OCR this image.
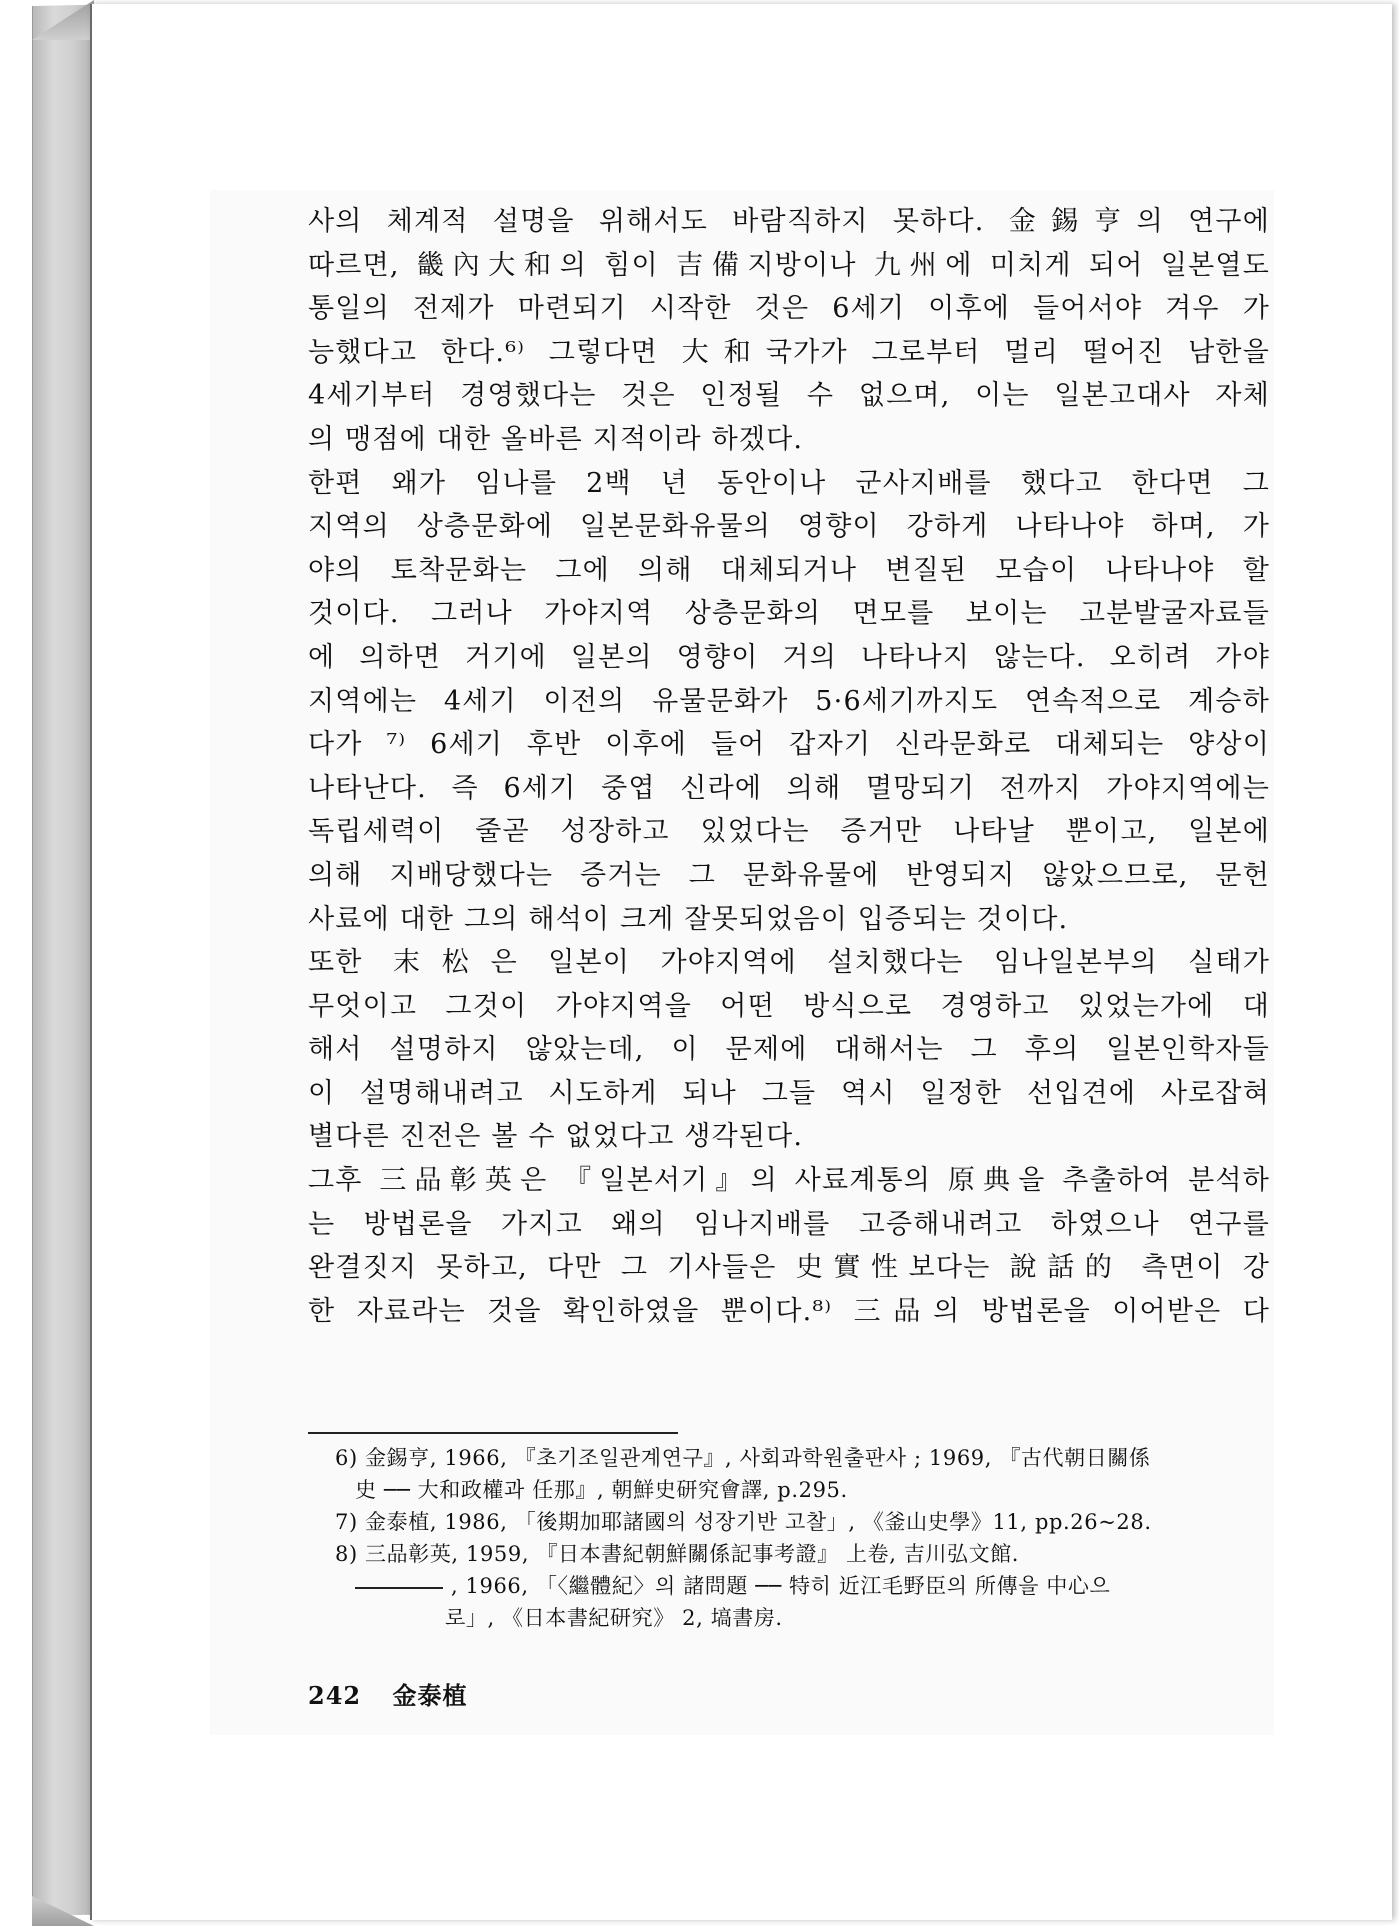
사의 체계적 설명을 위해서도 바람직하지 못하다. 金錫亨의 연구에
따르면, 畿內大和의 힘이 吉備지방이나 九州에 미치게 되어 일본열도
통일의 전제가 마련되기 시작한 것은 6세기 이후에 들어서야 겨우 가
능했다고 한다.⁶⁾ 그렇다면 大和국가가 그로부터 멀리 떨어진 남한을
4세기부터 경영했다는 것은 인정될 수 없으며, 이는 일본고대사 자체
의 맹점에 대한 올바른 지적이라 하겠다.
한편 왜가 임나를 2백 년 동안이나 군사지배를 했다고 한다면 그
지역의 상층문화에 일본문화유물의 영향이 강하게 나타나야 하며, 가
야의 토착문화는 그에 의해 대체되거나 변질된 모습이 나타나야 할
것이다. 그러나 가야지역 상층문화의 면모를 보이는 고분발굴자료들
에 의하면 거기에 일본의 영향이 거의 나타나지 않는다. 오히려 가야
지역에는 4세기 이전의 유물문화가 5·6세기까지도 연속적으로 계승하
다가 ⁷⁾ 6세기 후반 이후에 들어 갑자기 신라문화로 대체되는 양상이
나타난다. 즉 6세기 중엽 신라에 의해 멸망되기 전까지 가야지역에는
독립세력이 줄곧 성장하고 있었다는 증거만 나타날 뿐이고, 일본에
의해 지배당했다는 증거는 그 문화유물에 반영되지 않았으므로, 문헌
사료에 대한 그의 해석이 크게 잘못되었음이 입증되는 것이다.
또한 末松은 일본이 가야지역에 설치했다는 임나일본부의 실태가
무엇이고 그것이 가야지역을 어떤 방식으로 경영하고 있었는가에 대
해서 설명하지 않았는데, 이 문제에 대해서는 그 후의 일본인학자들
이 설명해내려고 시도하게 되나 그들 역시 일정한 선입견에 사로잡혀
별다른 진전은 볼 수 없었다고 생각된다.
그후 三品彰英은 『일본서기』의 사료계통의 原典을 추출하여 분석하
는 방법론을 가지고 왜의 임나지배를 고증해내려고 하였으나 연구를
완결짓지 못하고, 다만 그 기사들은 史實性보다는 說話的 측면이 강
한 자료라는 것을 확인하였을 뿐이다.⁸⁾ 三品의 방법론을 이어받은 다
6) 金錫亨, 1966, 『초기조일관계연구』, 사회과학원출판사 ; 1969, 『古代朝日關係
史 ── 大和政權과 任那』, 朝鮮史研究會譯, p.295.
7) 金泰植, 1986, 「後期加耶諸國의 성장기반 고찰」, 《釜山史學》11, pp.26~28.
8) 三品彰英, 1959, 『日本書紀朝鮮關係記事考證』 上卷, 吉川弘文館.
, 1966, 「〈繼體紀〉의 諸問題 ── 特히 近江毛野臣의 所傳을 中心으
로」, 《日本書紀研究》 2, 塙書房.
242 金泰植
